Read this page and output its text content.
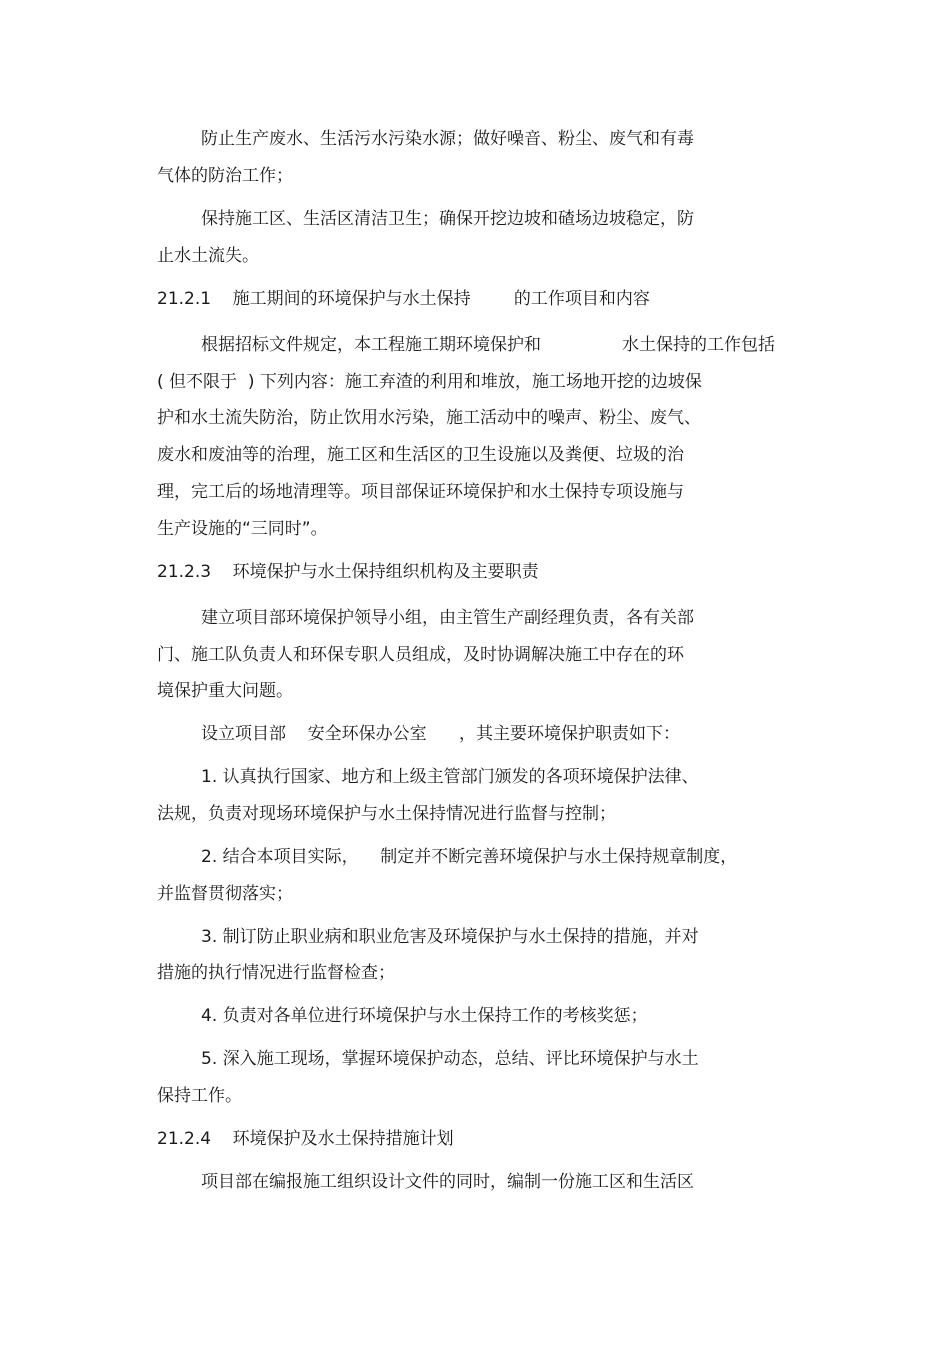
防止生产废水、生活污水污染水源；做好噪音、粉尘、废气和有毒
气体的防治工作；
保持施工区、生活区清洁卫生；确保开挖边坡和碴场边坡稳定，防
止水土流失。
21.2.1    施工期间的环境保护与水土保持        的工作项目和内容
根据招标文件规定，本工程施工期环境保护和               水土保持的工作包括
( 但不限于  ) 下列内容：施工弃渣的利用和堆放，施工场地开挖的边坡保
护和水土流失防治，防止饮用水污染，施工活动中的噪声、粉尘、废气、
废水和废油等的治理，施工区和生活区的卫生设施以及粪便、垃圾的治
理，完工后的场地清理等。项目部保证环境保护和水土保持专项设施与
生产设施的“三同时”。
21.2.3    环境保护与水土保持组织机构及主要职责
建立项目部环境保护领导小组，由主管生产副经理负责，各有关部
门、施工队负责人和环保专职人员组成，及时协调解决施工中存在的环
境保护重大问题。
设立项目部    安全环保办公室      ，其主要环境保护职责如下：
1. 认真执行国家、地方和上级主管部门颁发的各项环境保护法律、
法规，负责对现场环境保护与水土保持情况进行监督与控制；
2. 结合本项目实际，    制定并不断完善环境保护与水土保持规章制度，
并监督贯彻落实；
3. 制订防止职业病和职业危害及环境保护与水土保持的措施，并对
措施的执行情况进行监督检查；
4. 负责对各单位进行环境保护与水土保持工作的考核奖惩；
5. 深入施工现场，掌握环境保护动态，总结、评比环境保护与水土
保持工作。
21.2.4    环境保护及水土保持措施计划
项目部在编报施工组织设计文件的同时，编制一份施工区和生活区
